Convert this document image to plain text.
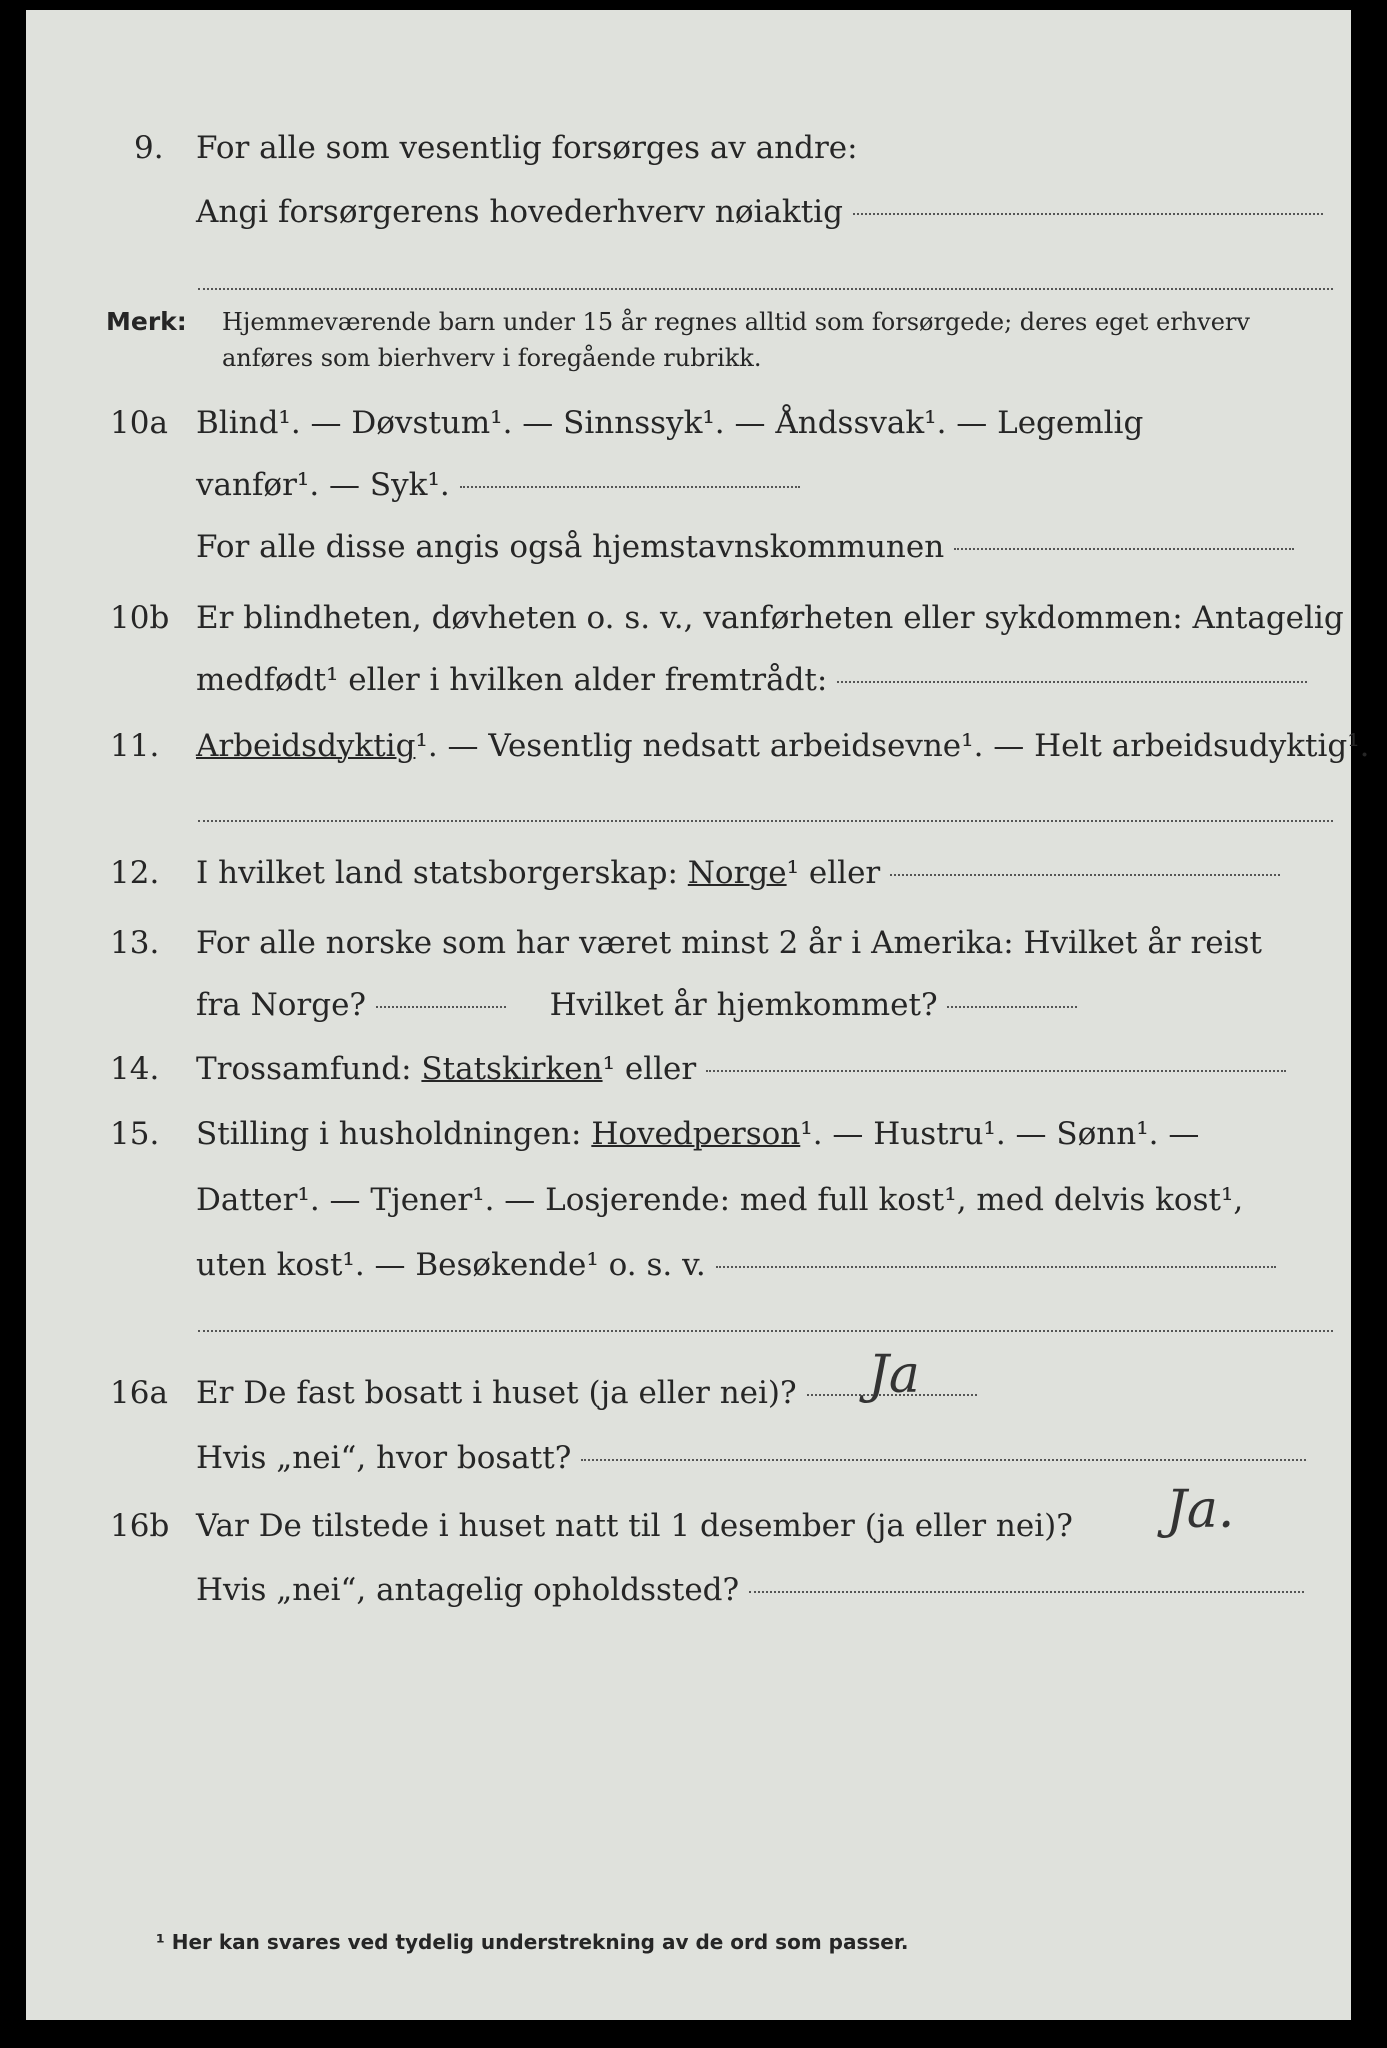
9. For alle som vesentlig forsørges av andre:
Angi forsørgerens hovederhverv nøiaktig
Merk: Hjemmeværende barn under 15 år regnes alltid som forsørgede; deres eget erhverv
anføres som bierhverv i foregående rubrikk.
10a Blind¹. — Døvstum¹. — Sinnssyk¹. — Åndssvak¹. — Legemlig
vanfør¹. — Syk¹.
For alle disse angis også hjemstavnskommunen
10b Er blindheten, døvheten o. s. v., vanførheten eller sykdommen: Antagelig
medfødt¹ eller i hvilken alder fremtrådt:
11. Arbeidsdyktig¹. — Vesentlig nedsatt arbeidsevne¹. — Helt arbeidsudyktig¹.
12. I hvilket land statsborgerskap: Norge¹ eller
13. For alle norske som har været minst 2 år i Amerika: Hvilket år reist
fra Norge?	Hvilket år hjemkommet?
14. Trossamfund: Statskirken¹ eller
15. Stilling i husholdningen: Hovedperson¹. — Hustru¹. — Sønn¹. —
Datter¹. — Tjener¹. — Losjerende: med full kost¹, med delvis kost¹,
uten kost¹. — Besøkende¹ o. s. v.
16a Er De fast bosatt i huset (ja eller nei)?	Ja
Hvis „nei“, hvor bosatt?
16b Var De tilstede i huset natt til 1 desember (ja eller nei)?	Ja.
Hvis „nei“, antagelig opholdssted?
¹ Her kan svares ved tydelig understrekning av de ord som passer.
